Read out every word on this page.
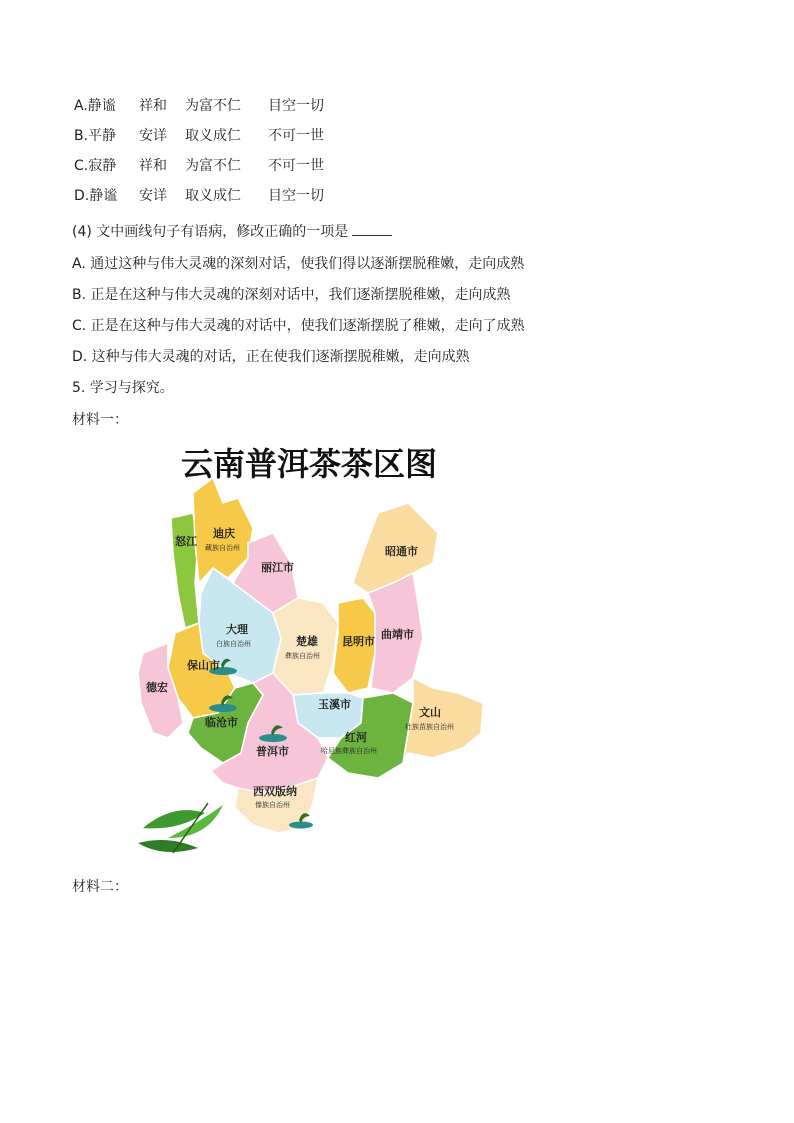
A.静谧 祥和 为富不仁 目空一切
B.平静 安详 取义成仁 不可一世
C.寂静 祥和 为富不仁 不可一世
D.静谧 安详 取义成仁 目空一切
(4) 文中画线句子有语病，修改正确的一项是
A. 通过这种与伟大灵魂的深刻对话，使我们得以逐渐摆脱稚嫩，走向成熟
B. 正是在这种与伟大灵魂的深刻对话中，我们逐渐摆脱稚嫩，走向成熟
C. 正是在这种与伟大灵魂的对话中，使我们逐渐摆脱了稚嫩，走向了成熟
D. 这种与伟大灵魂的对话，正在使我们逐渐摆脱稚嫩，走向成熟
5. 学习与探究。
材料一：
云南普洱茶茶区图
怒江
迪庆
藏族自治州
丽江市
昭通市
大理
白族自治州	楚雄
彝族自治州
昆明市
曲靖市
保山市
德宏
临沧市
玉溪市
红河
哈尼族彝族自治州
文山
壮族苗族自治州
普洱市
西双版纳
傣族自治州
材料二：
